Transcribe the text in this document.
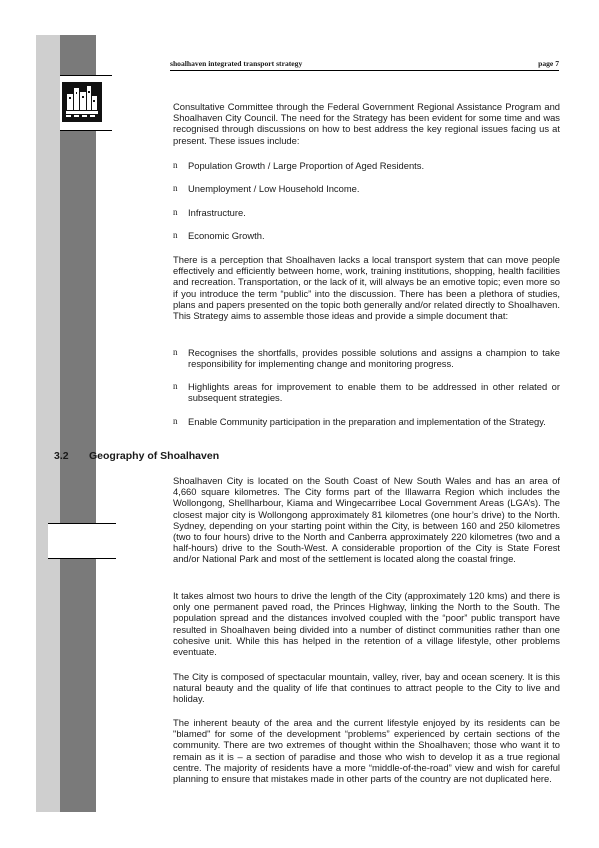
shoalhaven integrated transport strategy	page 7
Consultative Committee through the Federal Government Regional Assistance Program and Shoalhaven City Council. The need for the Strategy has been evident for some time and was recognised through discussions on how to best address the key regional issues facing us at present. These issues include:
n Population Growth / Large Proportion of Aged Residents.
n Unemployment / Low Household Income.
n Infrastructure.
n Economic Growth.
There is a perception that Shoalhaven lacks a local transport system that can move people effectively and efficiently between home, work, training institutions, shopping, health facilities and recreation. Transportation, or the lack of it, will always be an emotive topic; even more so if you introduce the term “public” into the discussion. There has been a plethora of studies, plans and papers presented on the topic both generally and/or related directly to Shoalhaven. This Strategy aims to assemble those ideas and provide a simple document that:
n Recognises the shortfalls, provides possible solutions and assigns a champion to take responsibility for implementing change and monitoring progress.
n Highlights areas for improvement to enable them to be addressed in other related or subsequent strategies.
n Enable Community participation in the preparation and implementation of the Strategy.
3.2 Geography of Shoalhaven
Shoalhaven City is located on the South Coast of New South Wales and has an area of 4,660 square kilometres. The City forms part of the Illawarra Region which includes the Wollongong, Shellharbour, Kiama and Wingecarribee Local Government Areas (LGA’s). The closest major city is Wollongong approximately 81 kilometres (one hour’s drive) to the North. Sydney, depending on your starting point within the City, is between 160 and 250 kilometres (two to four hours) drive to the North and Canberra approximately 220 kilometres (two and a half-hours) drive to the South-West. A considerable proportion of the City is State Forest and/or National Park and most of the settlement is located along the coastal fringe.
It takes almost two hours to drive the length of the City (approximately 120 kms) and there is only one permanent paved road, the Princes Highway, linking the North to the South. The population spread and the distances involved coupled with the “poor” public transport have resulted in Shoalhaven being divided into a number of distinct communities rather than one cohesive unit. While this has helped in the retention of a village lifestyle, other problems eventuate.
The City is composed of spectacular mountain, valley, river, bay and ocean scenery. It is this natural beauty and the quality of life that continues to attract people to the City to live and holiday.
The inherent beauty of the area and the current lifestyle enjoyed by its residents can be "blamed" for some of the development “problems” experienced by certain sections of the community. There are two extremes of thought within the Shoalhaven; those who want it to remain as it is – a section of paradise and those who wish to develop it as a true regional centre. The majority of residents have a more “middle-of-the-road” view and wish for careful planning to ensure that mistakes made in other parts of the country are not duplicated here.
